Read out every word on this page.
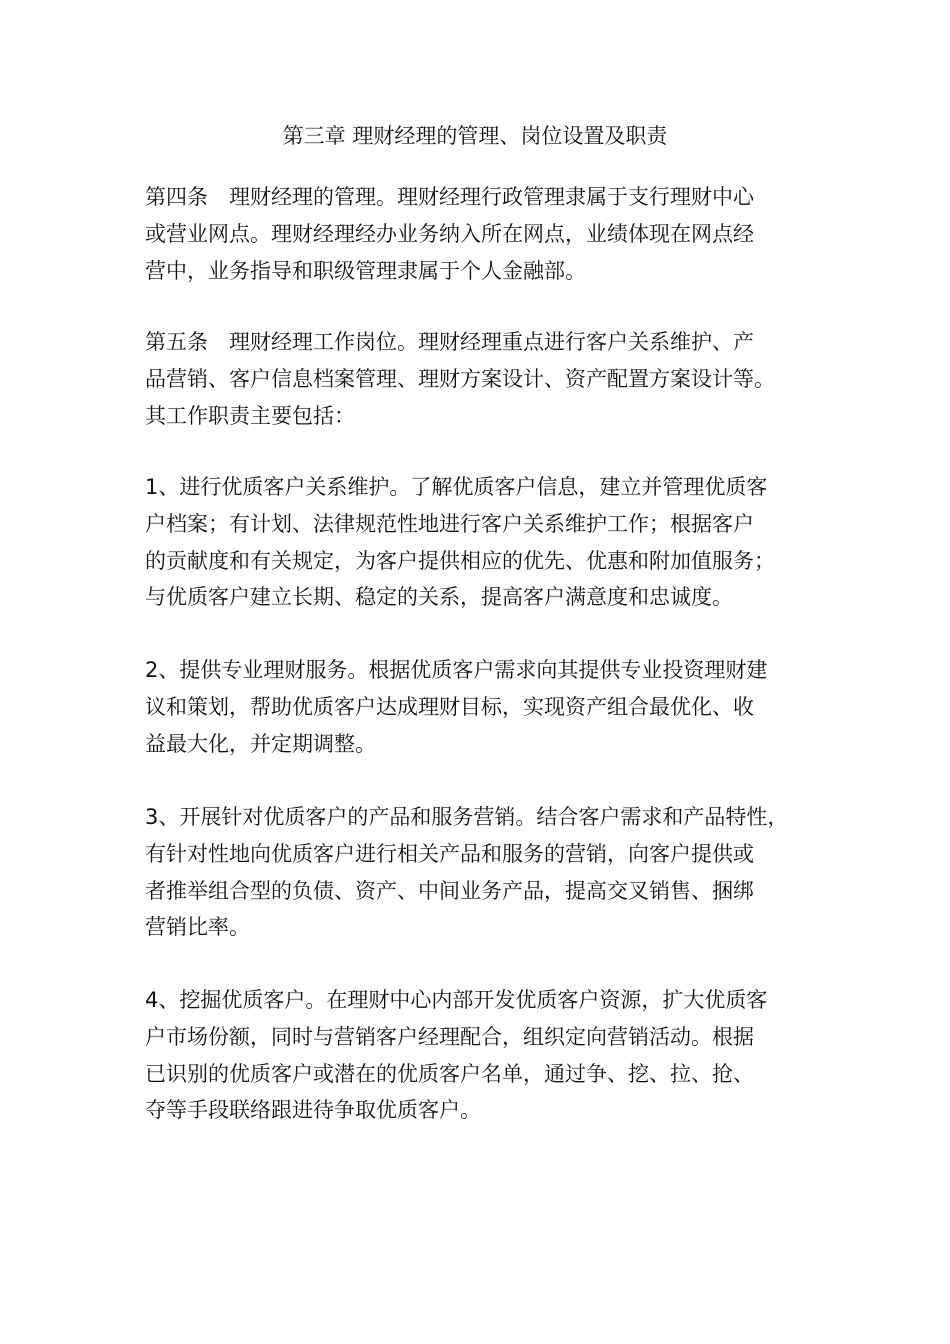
第三章 理财经理的管理、岗位设置及职责
第四条　理财经理的管理。理财经理行政管理隶属于支行理财中心
或营业网点。理财经理经办业务纳入所在网点，业绩体现在网点经
营中，业务指导和职级管理隶属于个人金融部。
第五条　理财经理工作岗位。理财经理重点进行客户关系维护、产
品营销、客户信息档案管理、理财方案设计、资产配置方案设计等。
其工作职责主要包括：
1、进行优质客户关系维护。了解优质客户信息，建立并管理优质客
户档案；有计划、法律规范性地进行客户关系维护工作；根据客户
的贡献度和有关规定，为客户提供相应的优先、优惠和附加值服务；
与优质客户建立长期、稳定的关系，提高客户满意度和忠诚度。
2、提供专业理财服务。根据优质客户需求向其提供专业投资理财建
议和策划，帮助优质客户达成理财目标，实现资产组合最优化、收
益最大化，并定期调整。
3、开展针对优质客户的产品和服务营销。结合客户需求和产品特性，
有针对性地向优质客户进行相关产品和服务的营销，向客户提供或
者推举组合型的负债、资产、中间业务产品，提高交叉销售、捆绑
营销比率。
4、挖掘优质客户。在理财中心内部开发优质客户资源，扩大优质客
户市场份额，同时与营销客户经理配合，组织定向营销活动。根据
已识别的优质客户或潜在的优质客户名单，通过争、挖、拉、抢、
夺等手段联络跟进待争取优质客户。
